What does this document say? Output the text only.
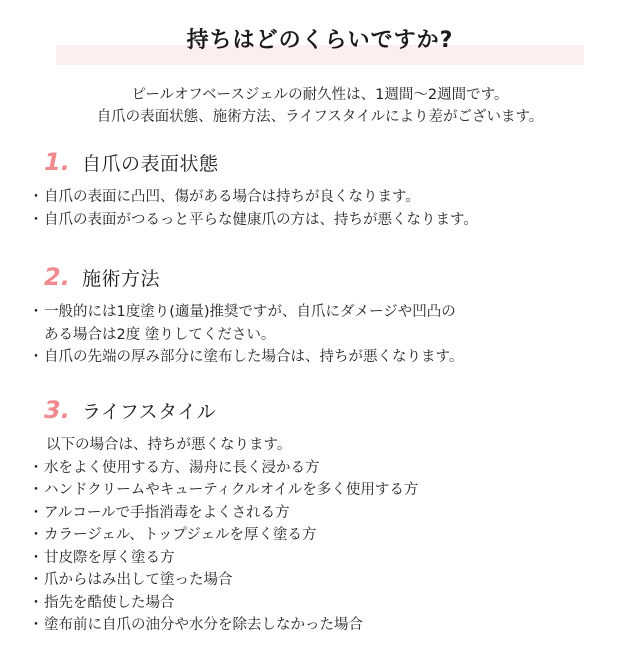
持ちはどのくらいですか?
ピールオフベースジェルの耐久性は、1週間〜2週間です。
自爪の表面状態、施術方法、ライフスタイルにより差がございます。
1. 自爪の表面状態
・自爪の表面に凸凹、傷がある場合は持ちが良くなります。
・自爪の表面がつるっと平らな健康爪の方は、持ちが悪くなります。
2. 施術方法
・一般的には1度塗り(適量)推奨ですが、自爪にダメージや凹凸の
ある場合は2度 塗りしてください。
・自爪の先端の厚み部分に塗布した場合は、持ちが悪くなります。
3. ライフスタイル
以下の場合は、持ちが悪くなります。
・水をよく使用する方、湯舟に長く浸かる方
・ハンドクリームやキューティクルオイルを多く使用する方
・アルコールで手指消毒をよくされる方
・カラージェル、トップジェルを厚く塗る方
・甘皮際を厚く塗る方
・爪からはみ出して塗った場合
・指先を酷使した場合
・塗布前に自爪の油分や水分を除去しなかった場合
